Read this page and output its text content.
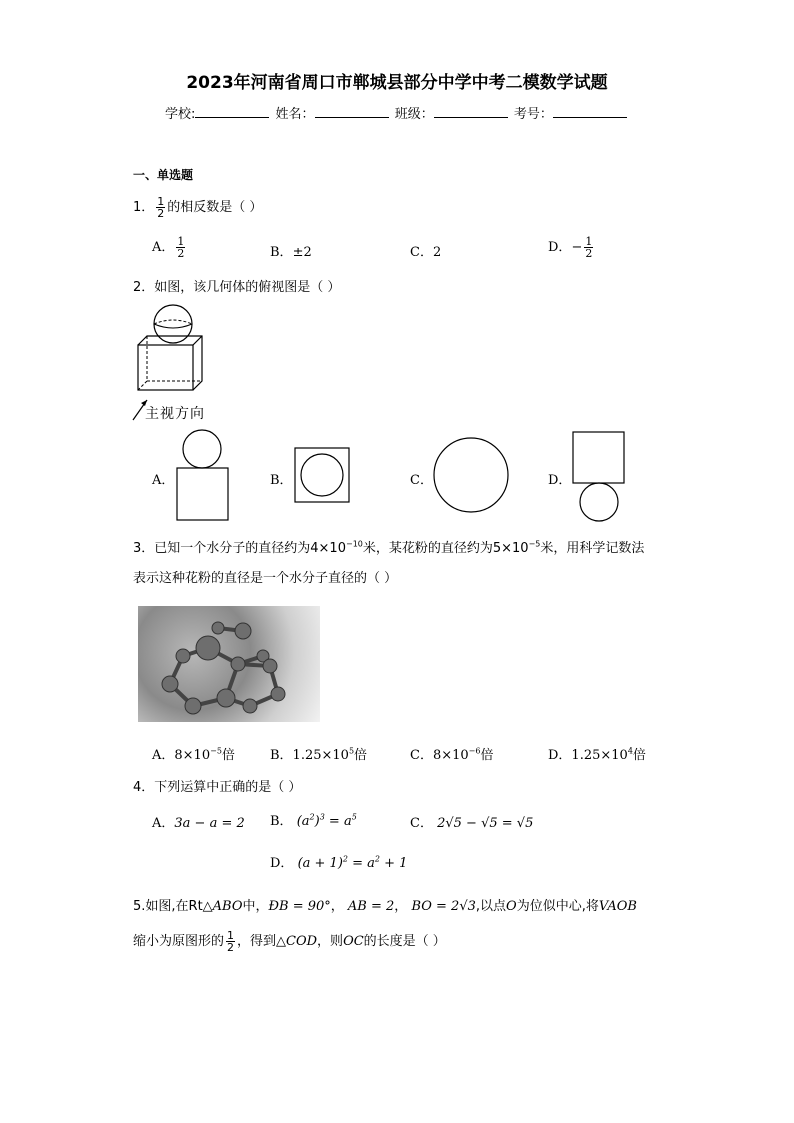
2023年河南省周口市郸城县部分中学中考二模数学试题
学校:	姓名：	班级：	考号：
一、单选题
1． $\frac{1}{2}$ 的相反数是（ ）
A． $\frac{1}{2}$	B．±2	C．2	D．− $\frac{1}{2}$
2．如图，该几何体的俯视图是（ ）
主视方向
A．	B．	C．	D．
3．已知一个水分子的直径约为$4\times 10^{-10}$米，某花粉的直径约为$5\times 10^{-5}$米，用科学记数法
表示这种花粉的直径是一个水分子直径的（ ）
A．$8\times 10^{-5}$倍	B．$1.25\times 10^5$倍	C．$8\times 10^{-6}$倍	D．$1.25\times 10^4$倍
4．下列运算中正确的是（ ）
A．3a − a = 2 B． $(a^2)^3 = a^5$	C． 2√5 − √5 = √5
D． $(a + 1)^2 = a^2 + 1$
5.如图,在Rt△ABO中，ÐB = 90°， AB = 2， BO = 2√3,以点O为位似中心,将VAOB
缩小为原图形的 $\frac{1}{2}$ ，得到△COD，则OC的长度是（ ）
